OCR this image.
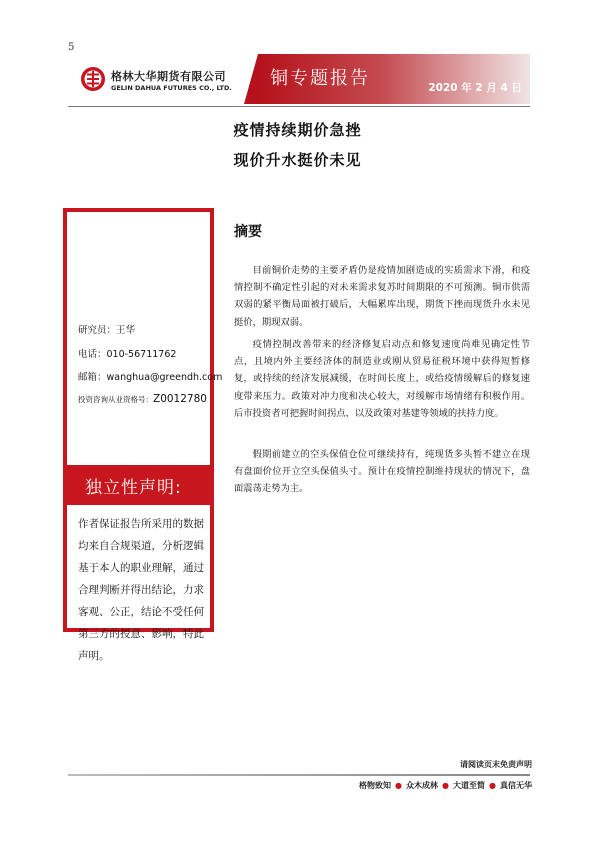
5
格林大华期货有限公司
GELIN DAHUA FUTURES CO., LTD. 铜专题报告	2020 年 2 月 4 日
疫情持续期价急挫
现价升水挺价未见
研究员：王华
电话：010-56711762
邮箱：wanghua@greendh.com
投资咨询从业资格号：Z0012780
独立性声明:
作者保证报告所采用的数据均来自合规渠道，分析逻辑基于本人的职业理解，通过合理判断并得出结论，力求客观、公正，结论不受任何第三方的授意、影响，特此声明。
摘要
目前铜价走势的主要矛盾仍是疫情加剧造成的实质需求下滑，和疫情控制不确定性引起的对未来需求复苏时间期限的不可预测。铜市供需双弱的紧平衡局面被打破后，大幅累库出现，期货下挫而现货升水未见挺价，期现双弱。
疫情控制改善带来的经济修复启动点和修复速度尚难见确定性节点，且境内外主要经济体的制造业或刚从贸易征税环境中获得短暂修复，或持续的经济发展减缓，在时间长度上，或给疫情缓解后的修复速度带来压力。政策对冲力度和决心较大，对缓解市场情绪有积极作用。后市投资者可把握时间拐点，以及政策对基建等领域的扶持力度。
假期前建立的空头保值仓位可继续持有，纯现货多头暂不建立在现有盘面价位开立空头保值头寸。预计在疫情控制维持现状的情况下，盘面震荡走势为主。
请阅读页末免责声明
格物致知 ● 众木成林 ● 大道至简 ● 真信无华
